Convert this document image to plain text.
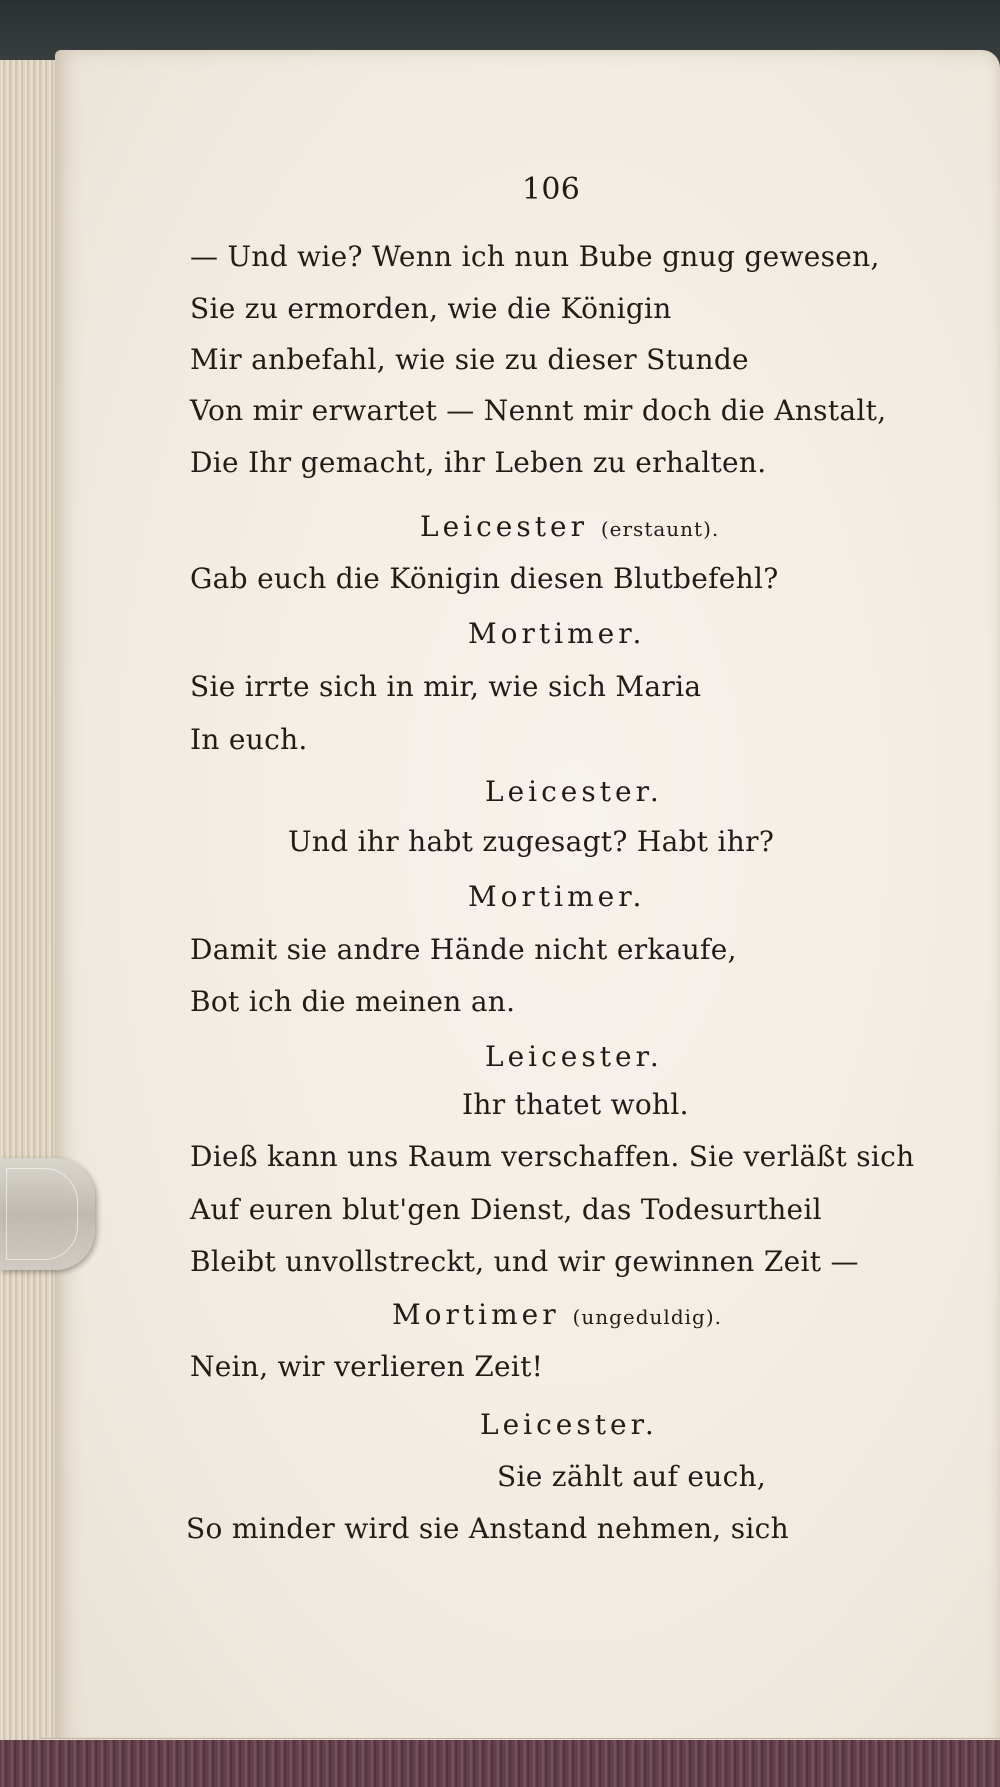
106
— Und wie? Wenn ich nun Bube gnug gewesen,
Sie zu ermorden, wie die Königin
Mir anbefahl, wie sie zu dieser Stunde
Von mir erwartet — Nennt mir doch die Anstalt,
Die Ihr gemacht, ihr Leben zu erhalten.
Leicester (erstaunt).
Gab euch die Königin diesen Blutbefehl?
Mortimer.
Sie irrte sich in mir, wie sich Maria
In euch.
Leicester.
Und ihr habt zugesagt? Habt ihr?
Mortimer.
Damit sie andre Hände nicht erkaufe,
Bot ich die meinen an.
Leicester.
Ihr thatet wohl.
Dieß kann uns Raum verschaffen. Sie verläßt sich
Auf euren blut'gen Dienst, das Todesurtheil
Bleibt unvollstreckt, und wir gewinnen Zeit —
Mortimer (ungeduldig).
Nein, wir verlieren Zeit!
Leicester.
Sie zählt auf euch,
So minder wird sie Anstand nehmen, sich
